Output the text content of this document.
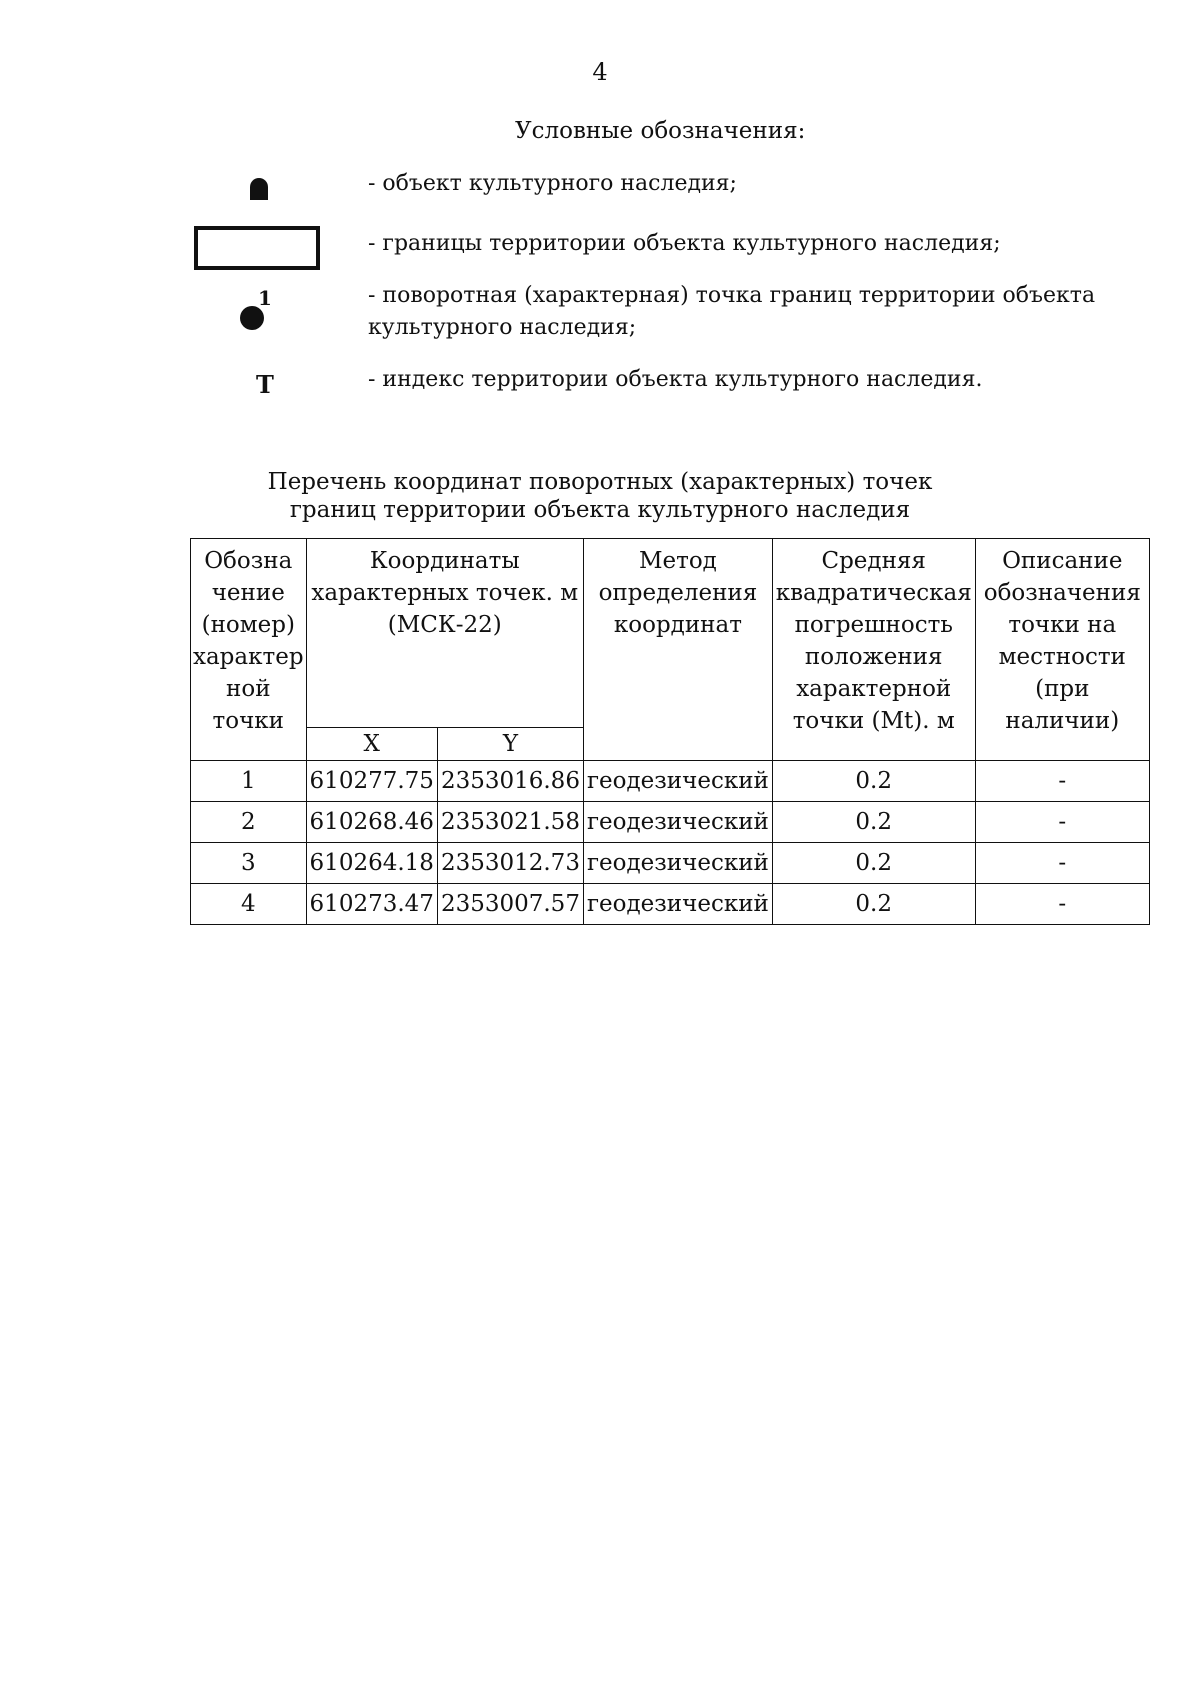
4
Условные обозначения:
- объект культурного наследия;
- границы территории объекта культурного наследия;
1	- поворотная (характерная) точка границ территории объекта культурного наследия;
Т	- индекс территории объекта культурного наследия.
Перечень координат поворотных (характерных) точек
границ территории объекта культурного наследия
Обозна чение (номер) характер ной точки	Координаты характерных точек. м (МСК-22)		Метод определения координат	Средняя квадратическая погрешность положения характерной точки (Mt). м	Описание обозначения точки на местности (при наличии)
	X	Y			
1	610277.75	2353016.86	геодезический	0.2	-
2	610268.46	2353021.58	геодезический	0.2	-
3	610264.18	2353012.73	геодезический	0.2	-
4	610273.47	2353007.57	геодезический	0.2	-
